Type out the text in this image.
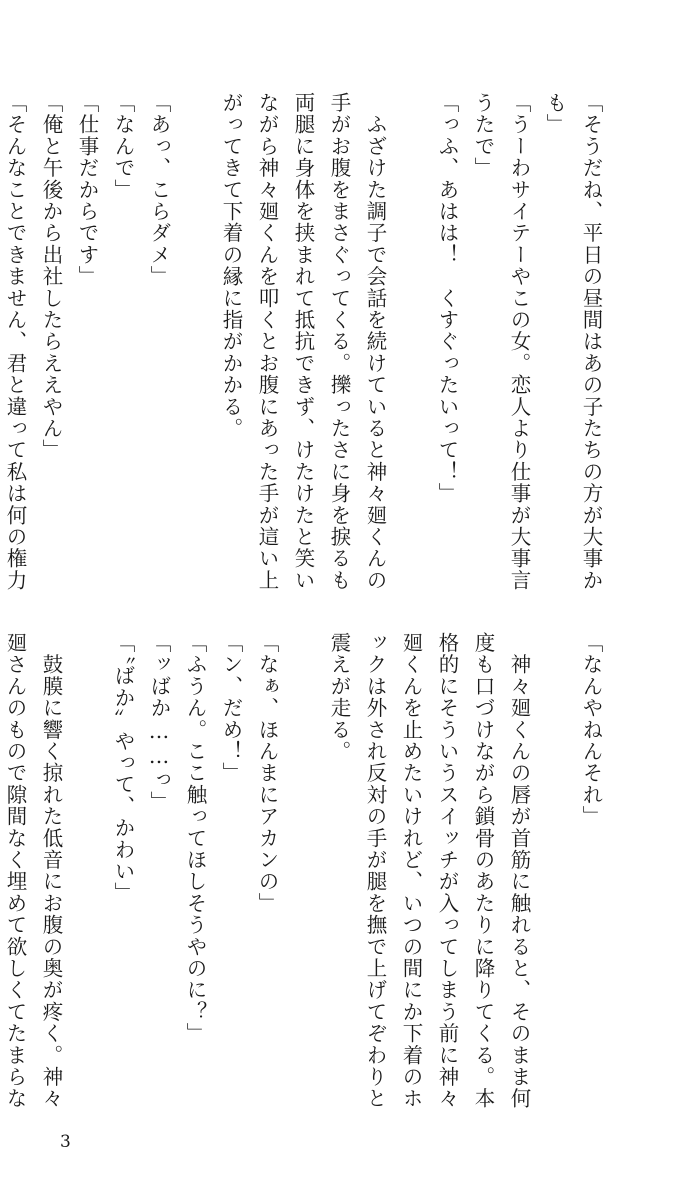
「そうだね、平日の昼間はあの子たちの方が大事かも」
「うーわサイテーやこの女。恋人より仕事が大事言うたで」
「っふ、あはは！　くすぐったいって！」
　ふざけた調子で会話を続けていると神々廻くんの手がお腹をまさぐってくる。擽ったさに身を捩るも両腿に身体を挟まれて抵抗できず、けたけたと笑いながら神々廻くんを叩くとお腹にあった手が這い上がってきて下着の縁に指がかかる。
「あっ、こらダメ」
「なんで」
「仕事だからです」
「俺と午後から出社したらええやん」
「そんなことできません、君と違って私は何の権力
「なんやねんそれ」
　神々廻くんの唇が首筋に触れると、そのまま何度も口づけながら鎖骨のあたりに降りてくる。本格的にそういうスイッチが入ってしまう前に神々廻くんを止めたいけれど、いつの間にか下着のホックは外され反対の手が腿を撫で上げてぞわりと震えが走る。
「なぁ、ほんまにアカンの」
「ン、だめ！」
「ふうん。ここ触ってほしそうやのに？」
「ッばか……っ」
「〝ばか〟やって、かわい」
　鼓膜に響く掠れた低音にお腹の奥が疼く。神々廻さんのもので隙間なく埋めて欲しくてたまらな
3
